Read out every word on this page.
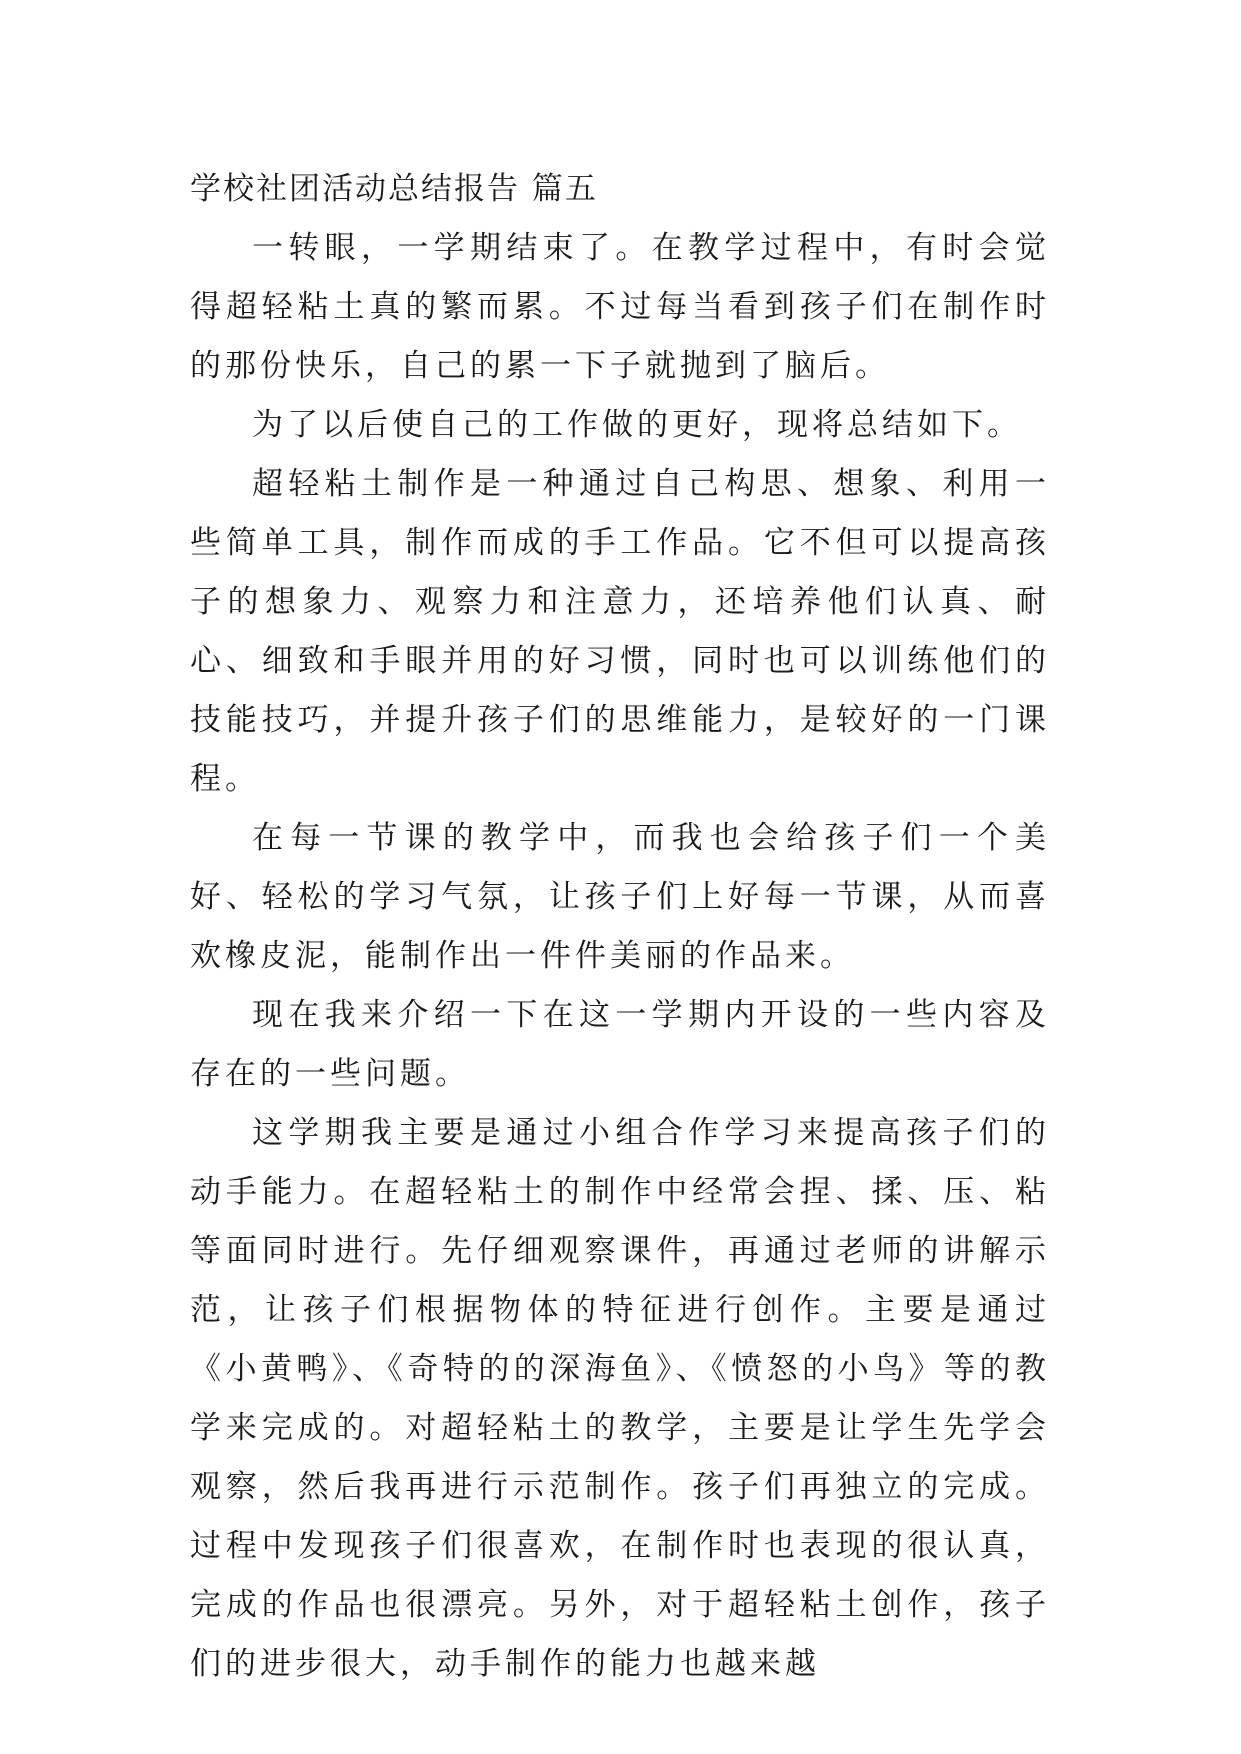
学校社团活动总结报告 篇五

一转眼，一学期结束了。在教学过程中，有时会觉得超轻粘土真的繁而累。不过每当看到孩子们在制作时的那份快乐，自己的累一下子就抛到了脑后。

为了以后使自己的工作做的更好，现将总结如下。

超轻粘土制作是一种通过自己构思、想象、利用一些简单工具，制作而成的手工作品。它不但可以提高孩子的想象力、观察力和注意力，还培养他们认真、耐心、细致和手眼并用的好习惯，同时也可以训练他们的技能技巧，并提升孩子们的思维能力，是较好的一门课程。

在每一节课的教学中，而我也会给孩子们一个美好、轻松的学习气氛，让孩子们上好每一节课，从而喜欢橡皮泥，能制作出一件件美丽的作品来。

现在我来介绍一下在这一学期内开设的一些内容及存在的一些问题。

这学期我主要是通过小组合作学习来提高孩子们的动手能力。在超轻粘土的制作中经常会捏、揉、压、粘等面同时进行。先仔细观察课件，再通过老师的讲解示范，让孩子们根据物体的特征进行创作。主要是通过《小黄鸭》、《奇特的的深海鱼》、《愤怒的小鸟》等的教学来完成的。对超轻粘土的教学，主要是让学生先学会观察，然后我再进行示范制作。孩子们再独立的完成。过程中发现孩子们很喜欢，在制作时也表现的很认真，完成的作品也很漂亮。另外，对于超轻粘土创作，孩子们的进步很大，动手制作的能力也越来越
